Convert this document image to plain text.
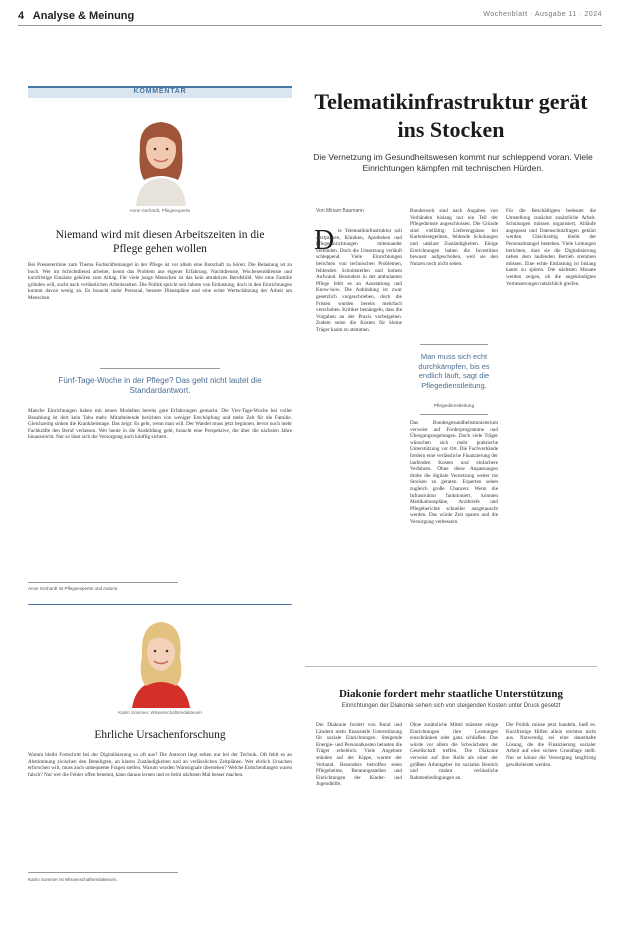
4 Analyse & Meinung	Wochenblatt · Ausgabe 11 · 2024
KOMMENTAR
Anne Gerhardt, Pflegeexpertin
Niemand wird mit diesen Arbeitszeiten in die Pflege gehen wollen
Bei Pressetermine zum Thema Fachkräftemangel in der Pflege ist vor allem eine Botschaft zu hören: Die Belastung ist zu hoch. Wer im Schichtdienst arbeitet, kennt das Problem aus eigener Erfahrung. Nachtdienste, Wochenenddienste und kurzfristige Einsätze gehören zum Alltag. Für viele junge Menschen ist das kein attraktives Berufsbild. Wer eine Familie gründen will, sucht nach verlässlichen Arbeitszeiten. Die Politik spricht seit Jahren von Entlastung, doch in den Einrichtungen kommt davon wenig an. Es braucht mehr Personal, bessere Dienstpläne und eine echte Wertschätzung der Arbeit am Menschen.
Fünf-Tage-Woche in der Pflege? Das geht nicht lautet die Standardantwort.
Manche Einrichtungen haben mit neuen Modellen bereits gute Erfahrungen gemacht. Die Vier-Tage-Woche bei voller Bezahlung ist dort kein Tabu mehr. Mitarbeitende berichten von weniger Erschöpfung und mehr Zeit für die Familie. Gleichzeitig sinken die Krankheitstage. Das zeigt: Es geht, wenn man will. Der Wandel muss jetzt beginnen, bevor noch mehr Fachkräfte den Beruf verlassen. Wer heute in die Ausbildung geht, braucht eine Perspektive, die über die nächsten Jahre hinausreicht. Nur so lässt sich die Versorgung auch künftig sichern.
Anne Gerhardt ist Pflegeexpertin und Autorin.
Katrin Sommer, Wissenschaftsredakteurin
Ehrliche Ursachenforschung
Warum bleibt Fortschritt bei der Digitalisierung so oft aus? Die Antwort liegt selten nur bei der Technik. Oft fehlt es an Abstimmung zwischen den Beteiligten, an klaren Zuständigkeiten und an verlässlichen Zeitplänen. Wer ehrlich Ursachen erforschen will, muss auch unbequeme Fragen stellen. Warum wurden Warnsignale übersehen? Welche Entscheidungen waren falsch? Nur wer die Fehler offen benennt, kann daraus lernen und es beim nächsten Mal besser machen.
Katrin Sommer ist Wissenschaftsredakteurin.
Telematikinfrastruktur gerät ins Stocken
Die Vernetzung im Gesundheitswesen kommt nur schleppend voran. Viele Einrichtungen kämpfen mit technischen Hürden.
Von Miriam Baumann
D ie Telematikinfrastruktur soll Arztpraxen, Kliniken, Apotheken und Pflegeeinrichtungen miteinander verbinden. Doch die Umsetzung verläuft schleppend. Viele Einrichtungen berichten von technischen Problemen, fehlenden Schnittstellen und hohem Aufwand. Besonders in der ambulanten Pflege fehlt es an Ausstattung und Know-how. Die Anbindung ist zwar gesetzlich vorgeschrieben, doch die Fristen wurden bereits mehrfach verschoben. Kritiker bemängeln, dass die Vorgaben an der Praxis vorbeigehen. Zudem seien die Kosten für kleine Träger kaum zu stemmen.
Bundesweit sind nach Angaben von Verbänden bislang nur ein Teil der Pflegedienste angeschlossen. Die Gründe sind vielfältig: Lieferengpässe bei Kartenlesegeräten, fehlende Schulungen und unklare Zuständigkeiten. Einige Einrichtungen haben die Investition bewusst aufgeschoben, weil sie den Nutzen noch nicht sehen.
Man muss sich echt durchkämpfen, bis es endlich läuft, sagt die Pflegedienstleitung.
Pflegedienstleitung
Das Bundesgesundheitsministerium verweist auf Förderprogramme und Übergangsregelungen. Doch viele Träger wünschen sich mehr praktische Unterstützung vor Ort. Die Fachverbände fordern eine verlässliche Finanzierung der laufenden Kosten und einfachere Verfahren. Ohne diese Anpassungen drohe die digitale Vernetzung weiter ins Stocken zu geraten. Experten sehen zugleich große Chancen: Wenn die Infrastruktur funktioniert, könnten Medikationspläne, Arztbriefe und Pflegeberichte schneller ausgetauscht werden. Das würde Zeit sparen und die Versorgung verbessern.
Für die Beschäftigten bedeutet die Umstellung zunächst zusätzliche Arbeit. Schulungen müssen organisiert, Abläufe angepasst und Datenschutzfragen geklärt werden. Gleichzeitig bleibt der Personalmangel bestehen. Viele Leitungen berichten, dass sie die Digitalisierung neben dem laufenden Betrieb stemmen müssen. Eine echte Entlastung ist bislang kaum zu spüren. Die nächsten Monate werden zeigen, ob die angekündigten Verbesserungen tatsächlich greifen.
Diakonie fordert mehr staatliche Unterstützung
Einrichtungen der Diakonie sehen sich von steigenden Kosten unter Druck gesetzt
Die Diakonie fordert von Bund und Ländern mehr finanzielle Unterstützung für soziale Einrichtungen. Steigende Energie- und Personalkosten belasten die Träger erheblich. Viele Angebote stünden auf der Kippe, warnte der Verband. Besonders betroffen seien Pflegeheime, Beratungsstellen und Einrichtungen der Kinder- und Jugendhilfe.
Ohne zusätzliche Mittel müssten einige Einrichtungen ihre Leistungen einschränken oder ganz schließen. Das würde vor allem die Schwächsten der Gesellschaft treffen. Die Diakonie verweist auf ihre Rolle als einer der größten Arbeitgeber im sozialen Bereich und mahnt verlässliche Rahmenbedingungen an.
Die Politik müsse jetzt handeln, hieß es. Kurzfristige Hilfen allein reichten nicht aus. Notwendig sei eine dauerhafte Lösung, die die Finanzierung sozialer Arbeit auf eine sichere Grundlage stellt. Nur so könne die Versorgung langfristig gewährleistet werden.
